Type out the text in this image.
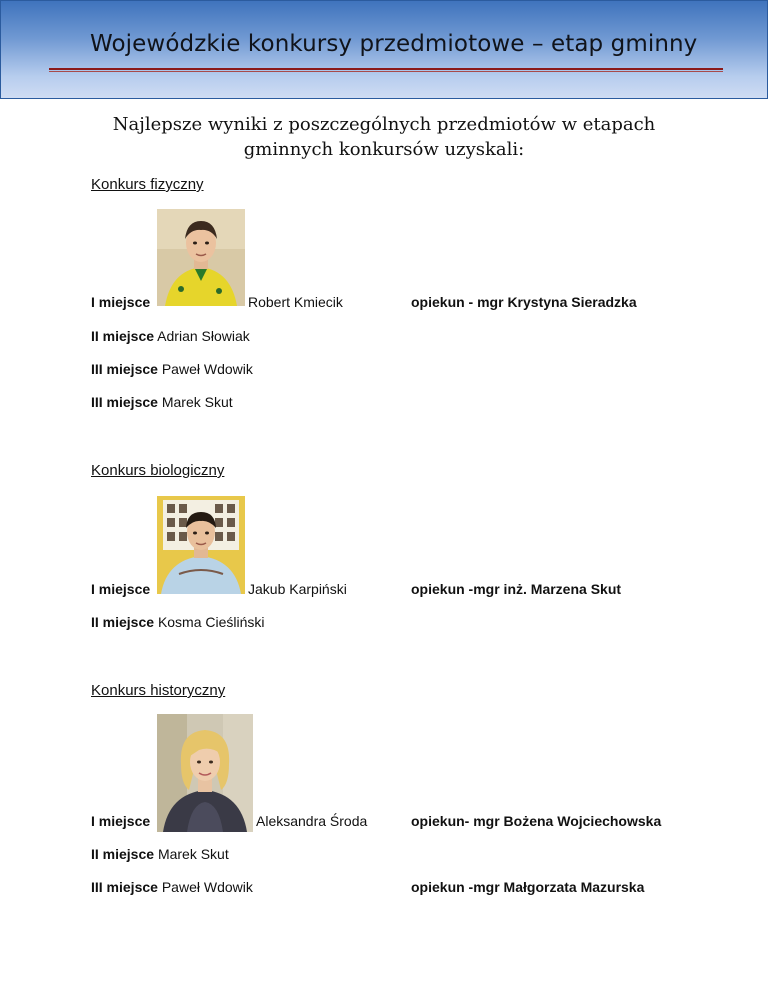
Wojewódzkie konkursy przedmiotowe – etap gminny
Najlepsze wyniki z poszczególnych przedmiotów w etapach
gminnych konkursów uzyskali:
Konkurs fizyczny
I miejsce	Robert Kmiecik	opiekun - mgr Krystyna Sieradzka
II miejsce Adrian Słowiak
III miejsce Paweł Wdowik
III miejsce Marek Skut
Konkurs biologiczny
I miejsce	Jakub Karpiński	opiekun -mgr inż. Marzena Skut
II miejsce Kosma Cieśliński
Konkurs historyczny
I miejsce	Aleksandra Środa	opiekun- mgr Bożena Wojciechowska
II miejsce Marek Skut
III miejsce Paweł Wdowik	opiekun -mgr Małgorzata Mazurska
